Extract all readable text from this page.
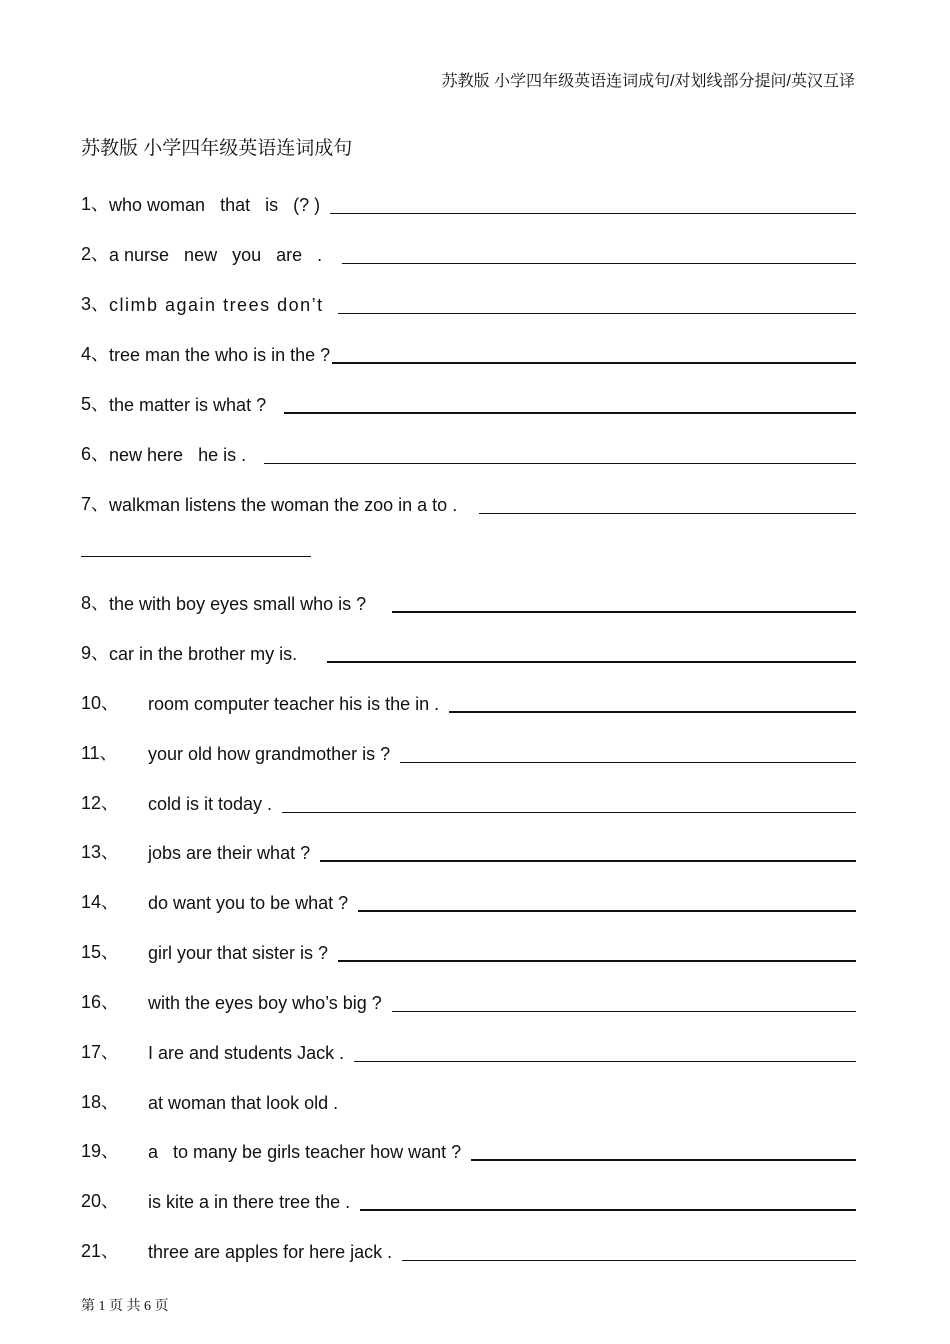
苏教版 小学四年级英语连词成句/对划线部分提问/英汉互译
苏教版 小学四年级英语连词成句
1、 who woman   that   is   (? )
2、 a nurse   new   you   are   .
3、 climb again trees don’t
4、 tree man the who is in the ?
5、 the matter is what ?
6、 new here   he is .
7、 walkman listens the woman the zoo in a to .
8、 the with boy eyes small who is ?
9、 car in the brother my is.
10、	room computer teacher his is the in .
11、	your old how grandmother is ?
12、	cold is it today .
13、	jobs are their what ?
14、	do want you to be what ?
15、	girl your that sister is ?
16、	with the eyes boy who’s big ?
17、	I are and students Jack .
18、	at woman that look old .
19、	a   to many be girls teacher how want ?
20、	is kite a in there tree the .
21、	three are apples for here jack .
第 1 页 共 6 页
